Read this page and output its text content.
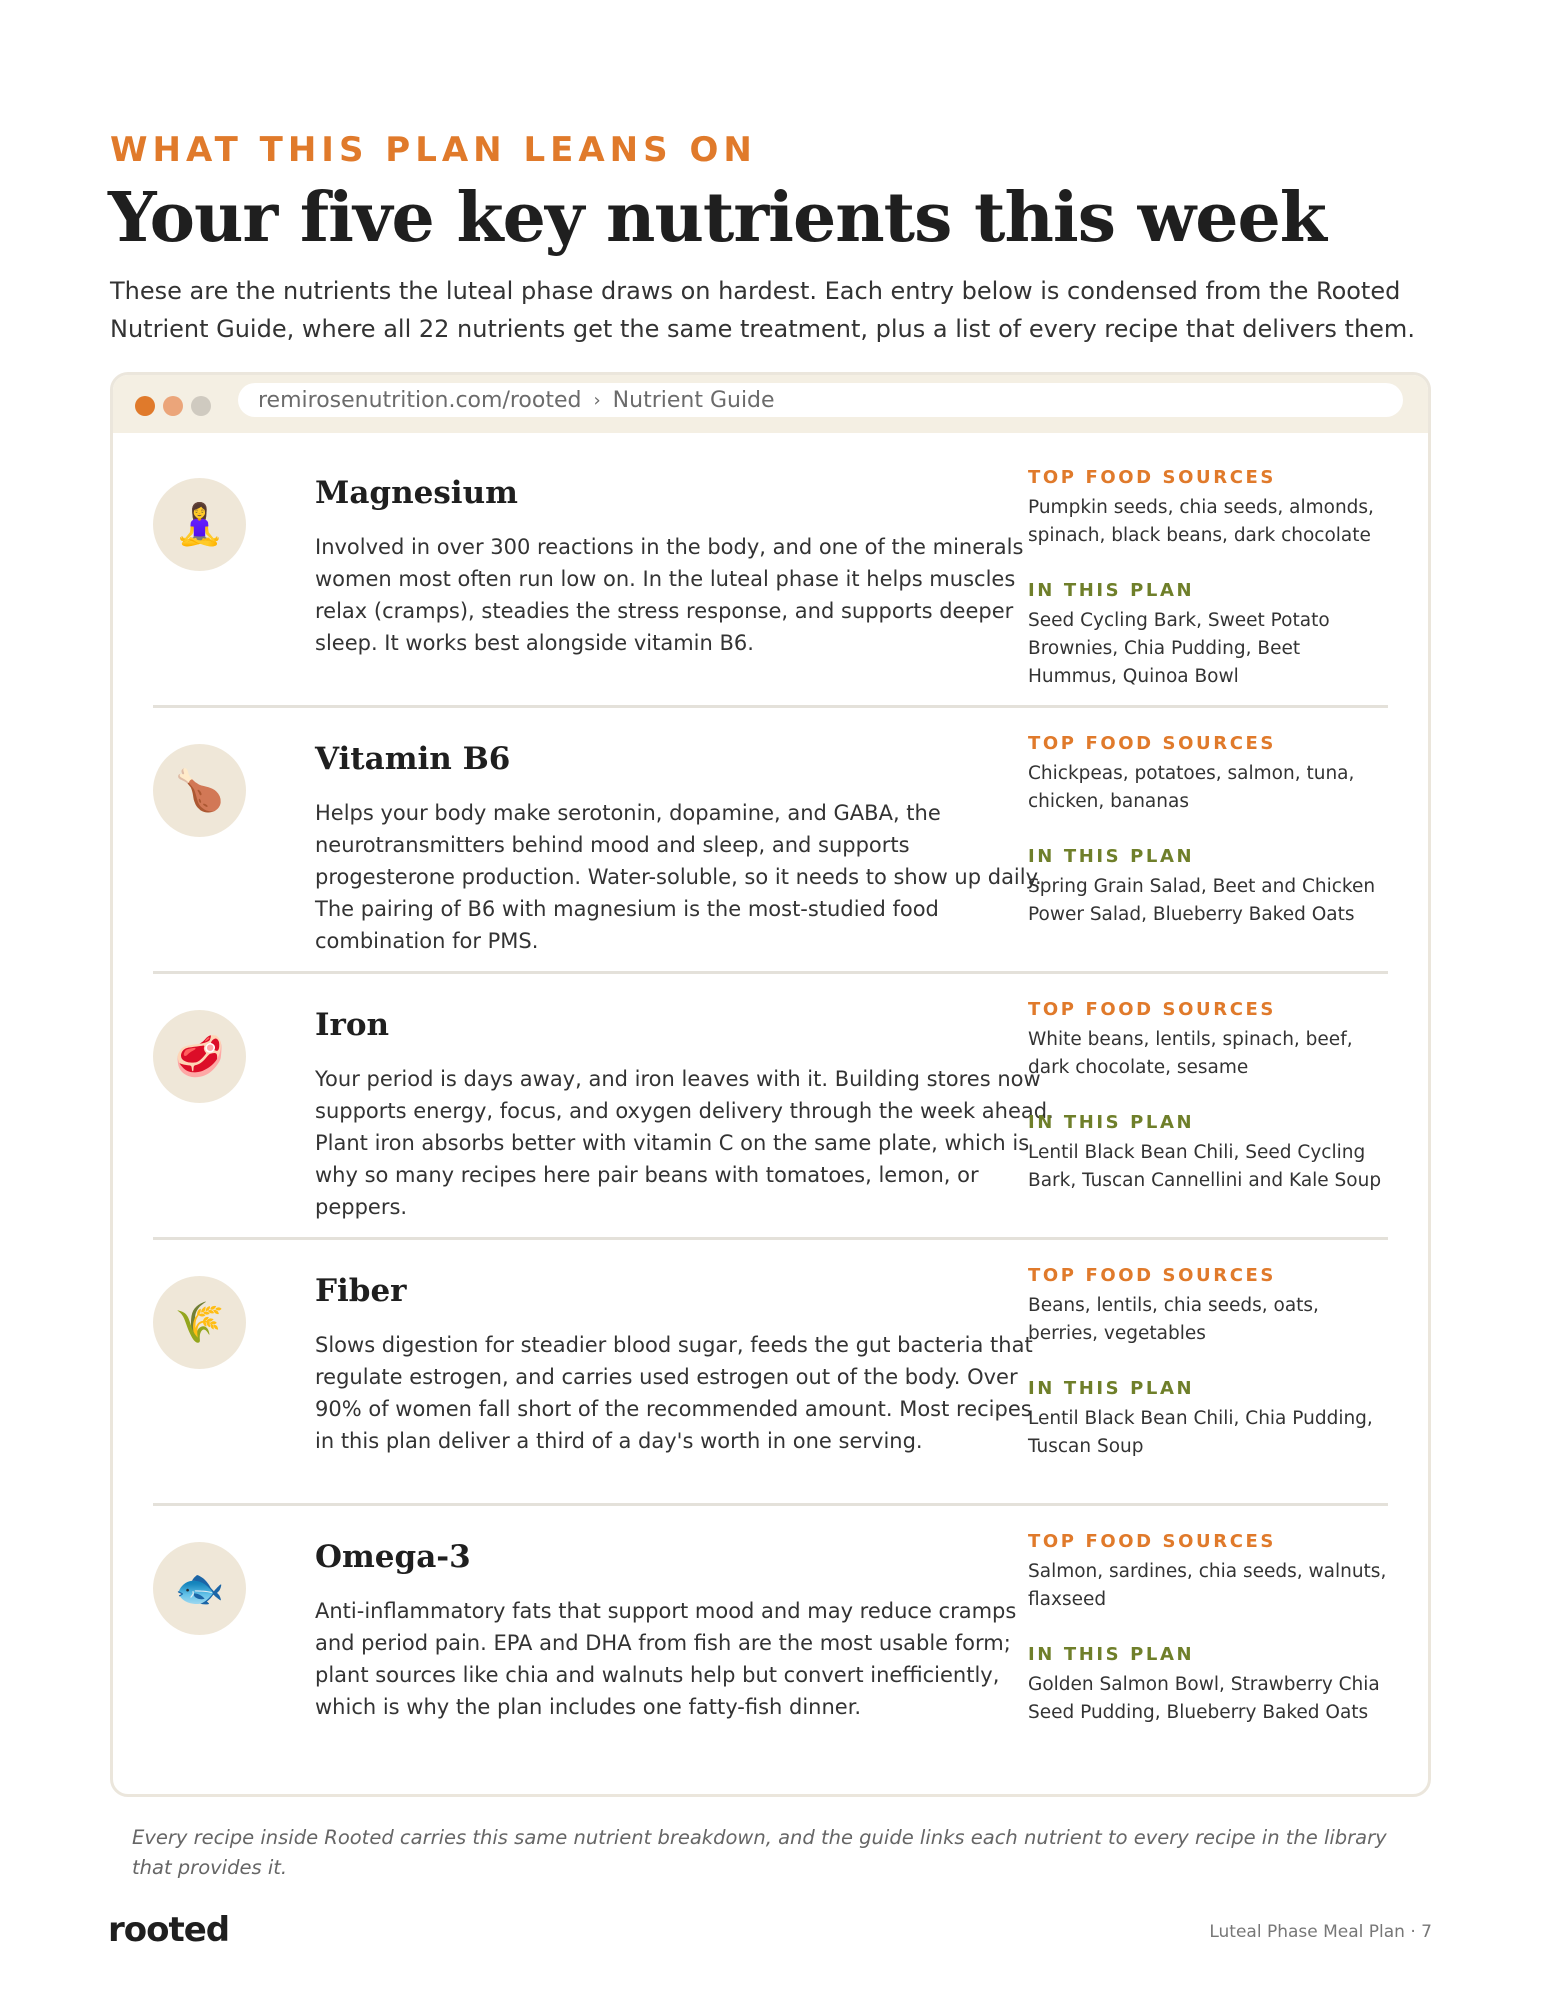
WHAT THIS PLAN LEANS ON
Your five key nutrients this week
These are the nutrients the luteal phase draws on hardest. Each entry below is condensed from the Rooted Nutrient Guide, where all 22 nutrients get the same treatment, plus a list of every recipe that delivers them.
remirosenutrition.com/rooted › Nutrient Guide
🧘‍♀️
Magnesium
Involved in over 300 reactions in the body, and one of the minerals women most often run low on. In the luteal phase it helps muscles relax (cramps), steadies the stress response, and supports deeper sleep. It works best alongside vitamin B6.
TOP FOOD SOURCES
Pumpkin seeds, chia seeds, almonds, spinach, black beans, dark chocolate
IN THIS PLAN
Seed Cycling Bark, Sweet Potato Brownies, Chia Pudding, Beet Hummus, Quinoa Bowl
🍗
Vitamin B6
Helps your body make serotonin, dopamine, and GABA, the neurotransmitters behind mood and sleep, and supports progesterone production. Water-soluble, so it needs to show up daily. The pairing of B6 with magnesium is the most-studied food combination for PMS.
TOP FOOD SOURCES
Chickpeas, potatoes, salmon, tuna, chicken, bananas
IN THIS PLAN
Spring Grain Salad, Beet and Chicken Power Salad, Blueberry Baked Oats
🥩
Iron
Your period is days away, and iron leaves with it. Building stores now supports energy, focus, and oxygen delivery through the week ahead. Plant iron absorbs better with vitamin C on the same plate, which is why so many recipes here pair beans with tomatoes, lemon, or peppers.
TOP FOOD SOURCES
White beans, lentils, spinach, beef, dark chocolate, sesame
IN THIS PLAN
Lentil Black Bean Chili, Seed Cycling Bark, Tuscan Cannellini and Kale Soup
🌾
Fiber
Slows digestion for steadier blood sugar, feeds the gut bacteria that regulate estrogen, and carries used estrogen out of the body. Over 90% of women fall short of the recommended amount. Most recipes in this plan deliver a third of a day's worth in one serving.
TOP FOOD SOURCES
Beans, lentils, chia seeds, oats, berries, vegetables
IN THIS PLAN
Lentil Black Bean Chili, Chia Pudding, Tuscan Soup
🐟
Omega-3
Anti-inflammatory fats that support mood and may reduce cramps and period pain. EPA and DHA from fish are the most usable form; plant sources like chia and walnuts help but convert inefficiently, which is why the plan includes one fatty-fish dinner.
TOP FOOD SOURCES
Salmon, sardines, chia seeds, walnuts, flaxseed
IN THIS PLAN
Golden Salmon Bowl, Strawberry Chia Seed Pudding, Blueberry Baked Oats
Every recipe inside Rooted carries this same nutrient breakdown, and the guide links each nutrient to every recipe in the library that provides it.
rooted	Luteal Phase Meal Plan · 7
